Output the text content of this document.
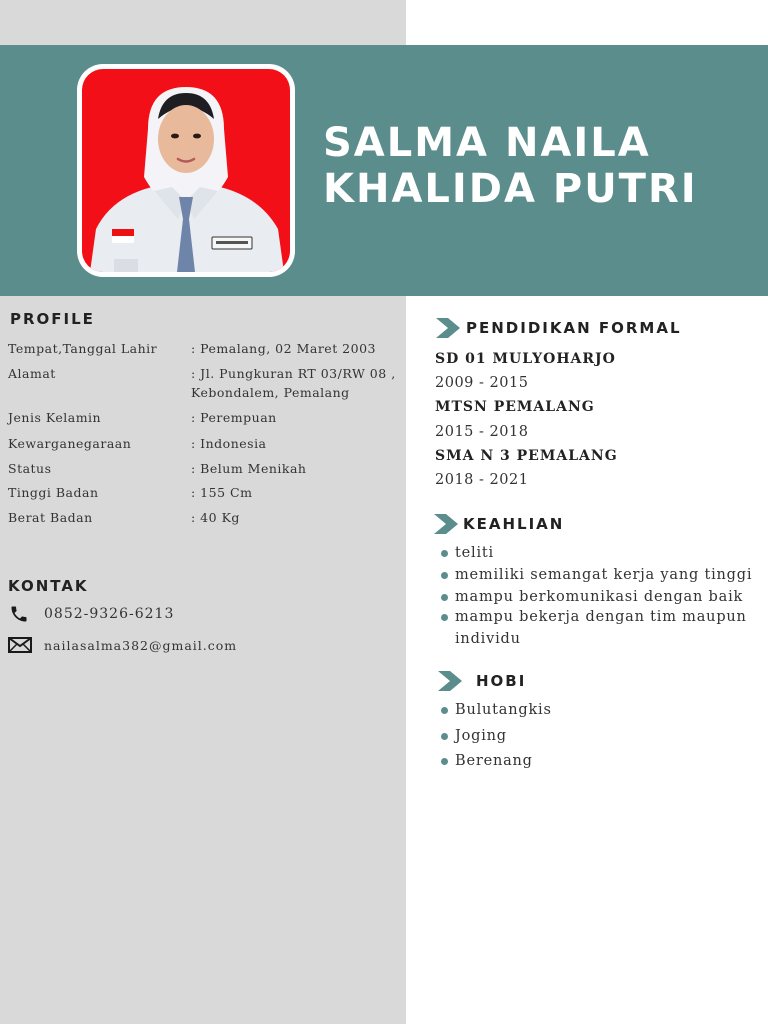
SALMA NAILA
KHALIDA PUTRI
PROFILE
Tempat,Tanggal Lahir	: Pemalang, 02 Maret 2003
Alamat	: Jl. Pungkuran RT 03/RW 08 , Kebondalem, Pemalang
Jenis Kelamin	: Perempuan
Kewarganegaraan	: Indonesia
Status	: Belum Menikah
Tinggi Badan	: 155 Cm
Berat Badan	: 40 Kg
KONTAK
0852-9326-6213
nailasalma382@gmail.com
PENDIDIKAN FORMAL
SD 01 MULYOHARJO
2009 - 2015
MTSN PEMALANG
2015 - 2018
SMA N 3 PEMALANG
2018 - 2021
KEAHLIAN
teliti
memiliki semangat kerja yang tinggi
mampu berkomunikasi dengan baik
mampu bekerja dengan tim maupun individu
HOBI
Bulutangkis
Joging
Berenang
